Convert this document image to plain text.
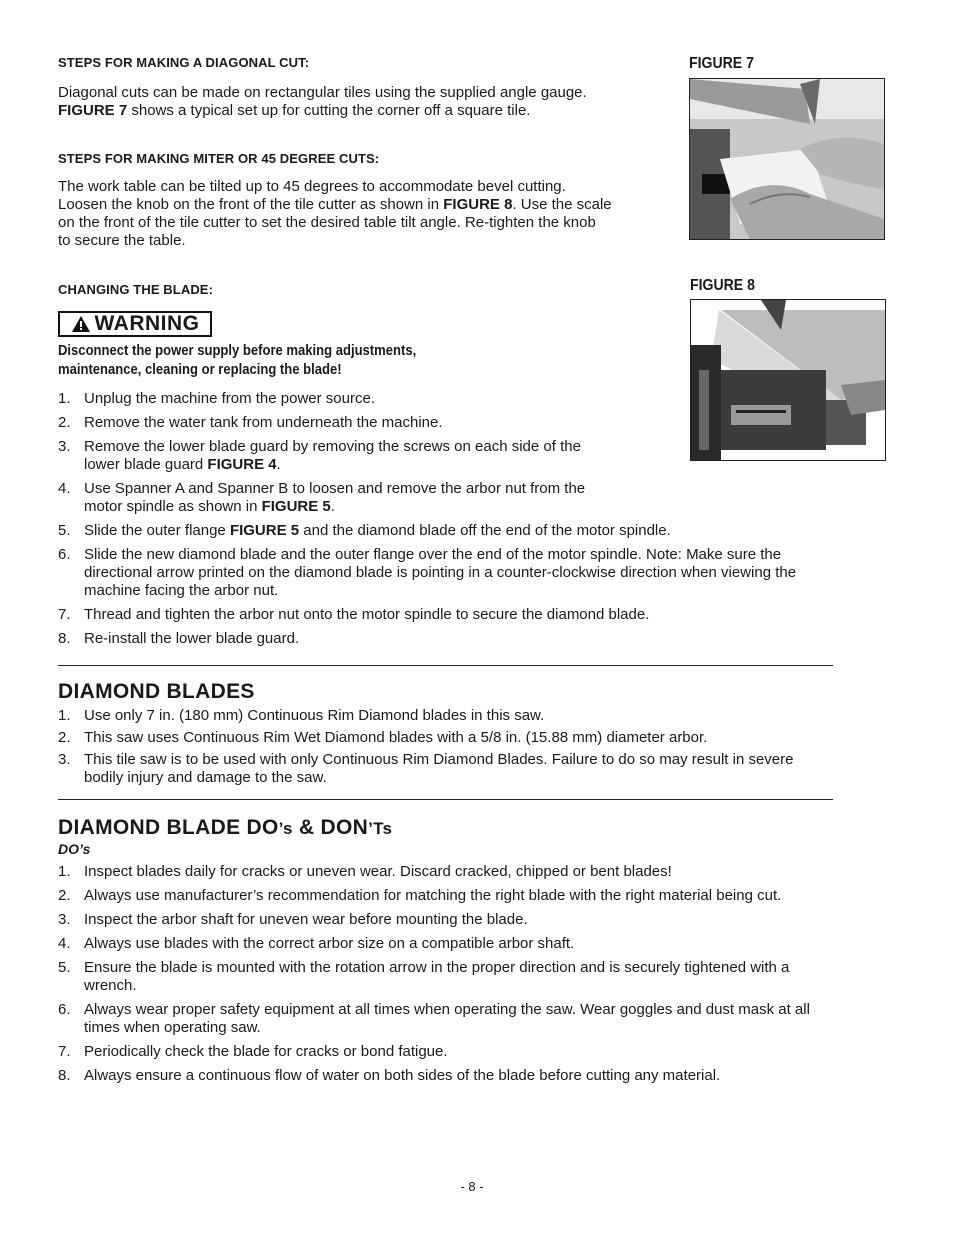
STEPS FOR MAKING A DIAGONAL CUT:
Diagonal cuts can be made on rectangular tiles using the supplied angle gauge.
FIGURE 7 shows a typical set up for cutting the corner off a square tile.
STEPS FOR MAKING MITER OR 45 DEGREE CUTS:
The work table can be tilted up to 45 degrees to accommodate bevel cutting.
Loosen the knob on the front of the tile cutter as shown in FIGURE 8. Use the scale
on the front of the tile cutter to set the desired table tilt angle. Re-tighten the knob
to secure the table.
FIGURE 7
FIGURE 8
CHANGING THE BLADE:
WARNING
Disconnect the power supply before making adjustments,
maintenance, cleaning or replacing the blade!
1. Unplug the machine from the power source.
2. Remove the water tank from underneath the machine.
3. Remove the lower blade guard by removing the screws on each side of the
lower blade guard FIGURE 4.
4. Use Spanner A and Spanner B to loosen and remove the arbor nut from the
motor spindle as shown in FIGURE 5.
5. Slide the outer flange FIGURE 5 and the diamond blade off the end of the motor spindle.
6. Slide the new diamond blade and the outer flange over the end of the motor spindle. Note: Make sure the directional arrow printed on the diamond blade is pointing in a counter-clockwise direction when viewing the machine facing the arbor nut.
7. Thread and tighten the arbor nut onto the motor spindle to secure the diamond blade.
8. Re-install the lower blade guard.
DIAMOND BLADES
1. Use only 7 in. (180 mm) Continuous Rim Diamond blades in this saw.
2. This saw uses Continuous Rim Wet Diamond blades with a 5/8 in. (15.88 mm) diameter arbor.
3. This tile saw is to be used with only Continuous Rim Diamond Blades. Failure to do so may result in severe bodily injury and damage to the saw.
DIAMOND BLADE DO’s & DON’Ts
DO’s
1. Inspect blades daily for cracks or uneven wear. Discard cracked, chipped or bent blades!
2. Always use manufacturer’s recommendation for matching the right blade with the right material being cut.
3. Inspect the arbor shaft for uneven wear before mounting the blade.
4. Always use blades with the correct arbor size on a compatible arbor shaft.
5. Ensure the blade is mounted with the rotation arrow in the proper direction and is securely tightened with a wrench.
6. Always wear proper safety equipment at all times when operating the saw. Wear goggles and dust mask at all times when operating saw.
7. Periodically check the blade for cracks or bond fatigue.
8. Always ensure a continuous flow of water on both sides of the blade before cutting any material.
- 8 -
